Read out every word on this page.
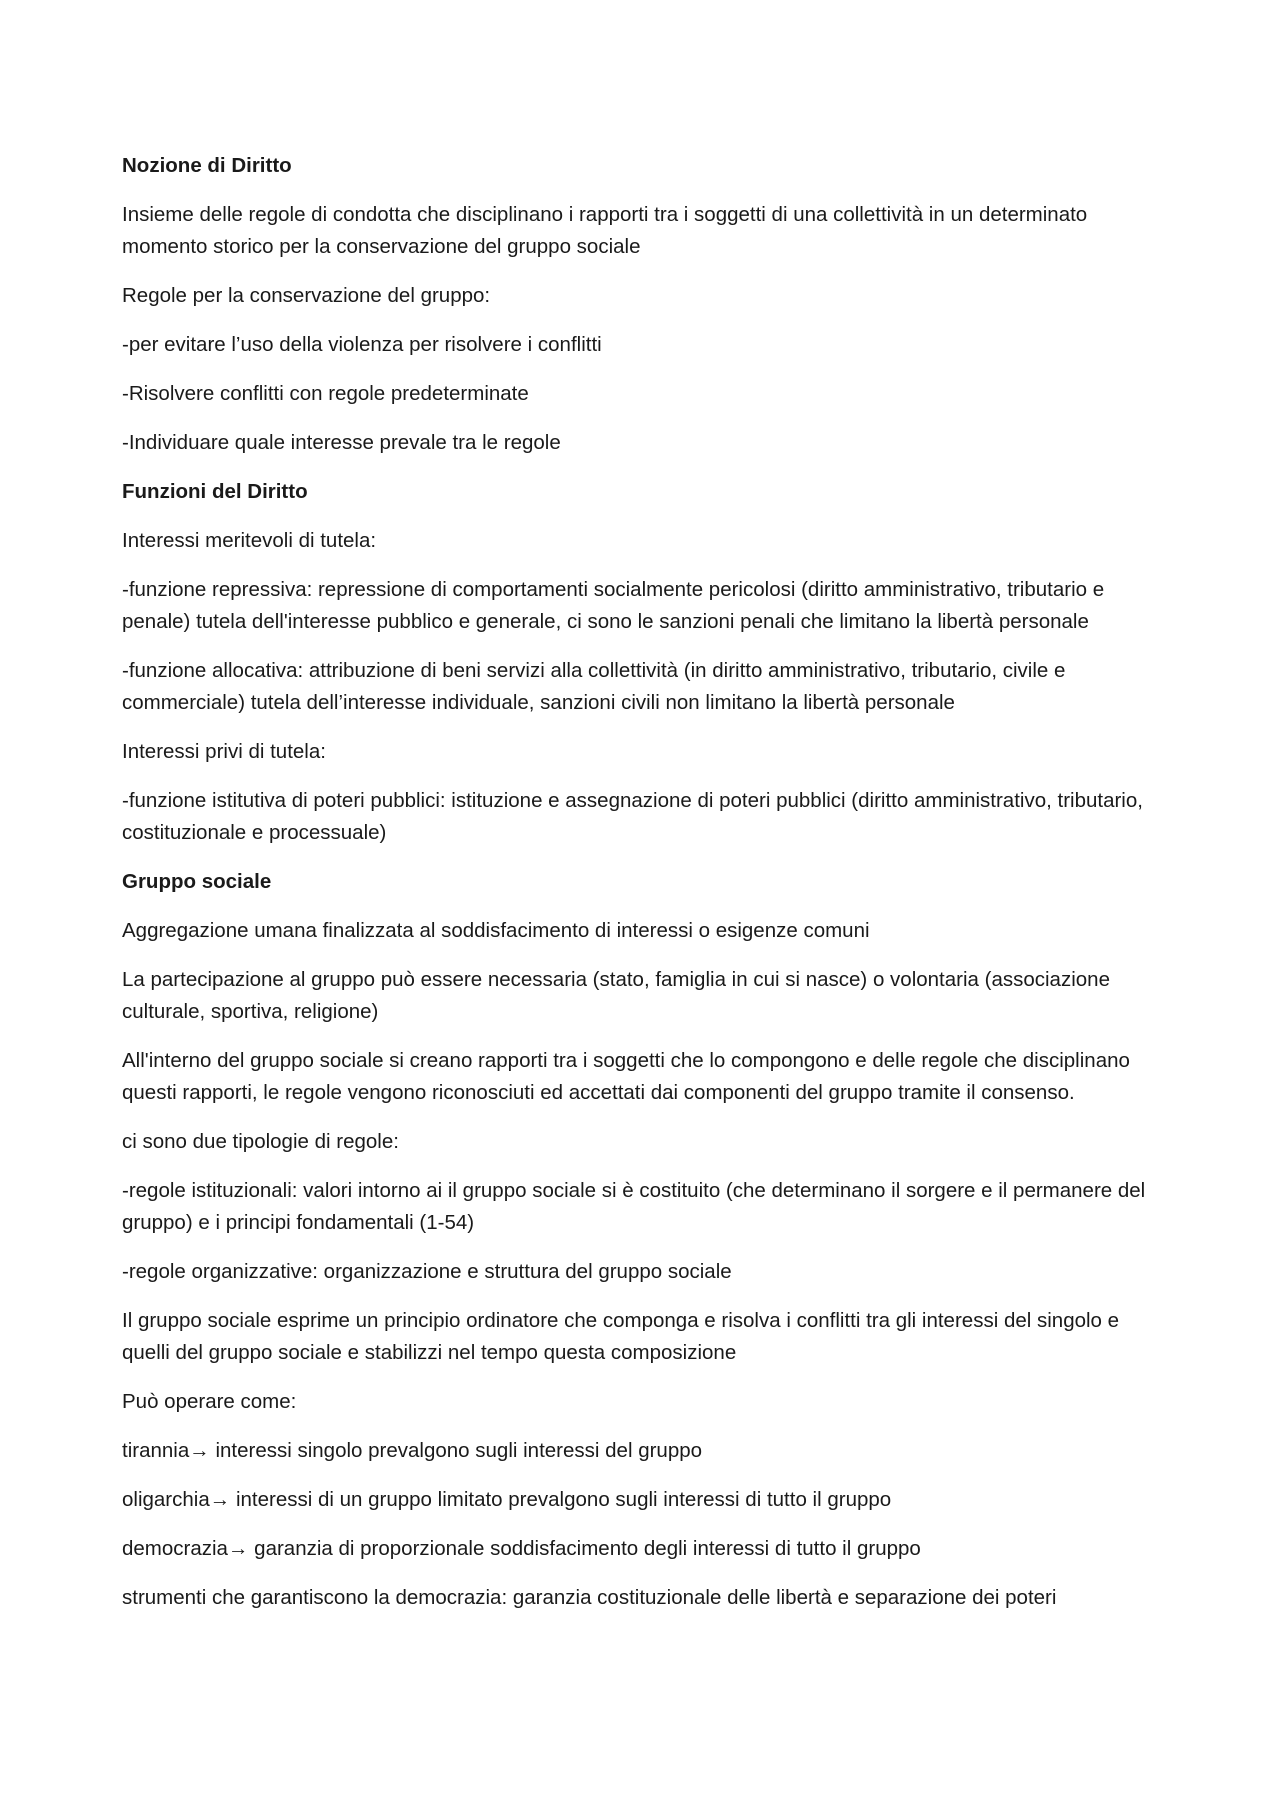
Nozione di Diritto

Insieme delle regole di condotta che disciplinano i rapporti tra i soggetti di una collettività in un determinato momento storico per la conservazione del gruppo sociale

Regole per la conservazione del gruppo:

-per evitare l’uso della violenza per risolvere i conflitti

-Risolvere conflitti con regole predeterminate

-Individuare quale interesse prevale tra le regole

Funzioni del Diritto

Interessi meritevoli di tutela:

-funzione repressiva: repressione di comportamenti socialmente pericolosi (diritto amministrativo, tributario e penale) tutela dell'interesse pubblico e generale, ci sono le sanzioni penali che limitano la libertà personale

-funzione allocativa: attribuzione di beni servizi alla collettività (in diritto amministrativo, tributario, civile e commerciale) tutela dell’interesse individuale, sanzioni civili non limitano la libertà personale

Interessi privi di tutela:

-funzione istitutiva di poteri pubblici: istituzione e assegnazione di poteri pubblici (diritto amministrativo, tributario, costituzionale e processuale)

Gruppo sociale

Aggregazione umana finalizzata al soddisfacimento di interessi o esigenze comuni

La partecipazione al gruppo può essere necessaria (stato, famiglia in cui si nasce) o volontaria (associazione culturale, sportiva, religione)

All'interno del gruppo sociale si creano rapporti tra i soggetti che lo compongono e delle regole che disciplinano questi rapporti, le regole vengono riconosciuti ed accettati dai componenti del gruppo tramite il consenso.

ci sono due tipologie di regole:

-regole istituzionali: valori intorno ai il gruppo sociale si è costituito (che determinano il sorgere e il permanere del gruppo) e i principi fondamentali (1-54)

-regole organizzative: organizzazione e struttura del gruppo sociale

Il gruppo sociale esprime un principio ordinatore che componga e risolva i conflitti tra gli interessi del singolo e quelli del gruppo sociale e stabilizzi nel tempo questa composizione

Può operare come:

tirannia→ interessi singolo prevalgono sugli interessi del gruppo

oligarchia→ interessi di un gruppo limitato prevalgono sugli interessi di tutto il gruppo

democrazia→ garanzia di proporzionale soddisfacimento degli interessi di tutto il gruppo

strumenti che garantiscono la democrazia: garanzia costituzionale delle libertà e separazione dei poteri
